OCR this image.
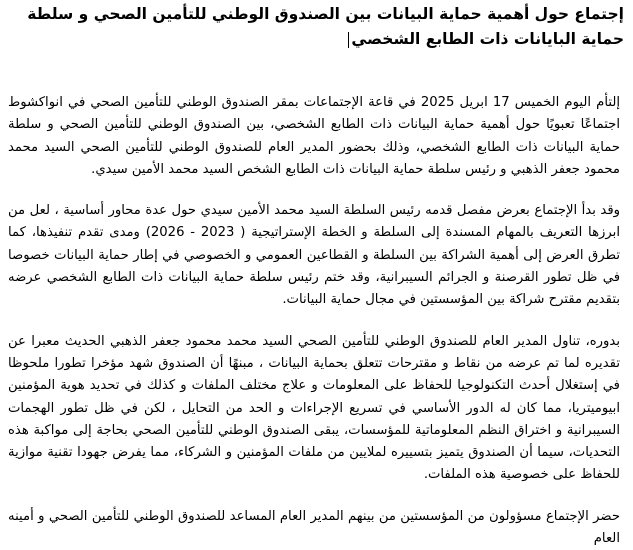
إجتماع حول أهمية حماية البيانات بين الصندوق الوطني للتأمين الصحي و سلطة حماية البايانات ذات الطابع الشخصي

إلتأم اليوم الخميس 17 ابريل 2025 في قاعة الإجتماعات بمقر الصندوق الوطني للتأمين الصحي في انواكشوط اجتماعًا تعبويًا حول أهمية حماية البيانات ذات الطابع الشخصي، بين الصندوق الوطني للتأمين الصحي و سلطة حماية البيانات ذات الطابع الشخصي، وذلك بحضور المدير العام للصندوق الوطني للتأمين الصحي السيد محمد محمود جعفر الذهبي و رئيس سلطة حماية البيانات ذات الطابع الشخص السيد محمد الأمين سيدي.

وقد بدأ الإجتماع بعرض مفصل قدمه رئيس السلطة السيد محمد الأمين سيدي حول عدة محاور أساسية ، لعل من ابرزها التعريف بالمهام المسندة إلى السلطة و الخطة الإستراتيجية ( 2023 - 2026) ومدى تقدم تنفيذها، كما تطرق العرض إلى أهمية الشراكة بين السلطة و القطاعين العمومي و الخصوصي في إطار حماية البيانات خصوصا في ظل تطور القرصنة و الجرائم السيبرانية، وقد ختم رئيس سلطة حماية البيانات ذات الطابع الشخصي عرضه بتقديم مقترح شراكة بين المؤسستين في مجال حماية البيانات.

بدوره، تناول المدير العام للصندوق الوطني للتأمين الصحي السيد محمد محمود جعفر الذهبي الحديث معبرا عن تقديره لما تم عرضه من نقاط و مقترحات تتعلق بحماية البيانات ، مبنهًا أن الصندوق شهد مؤخرا تطورا ملحوظا في إستغلال أحدث التكنولوجيا للحفاظ على المعلومات و علاج مختلف الملفات و كذلك في تحديد هوية المؤمنين ابيوميتريا، مما كان له الدور الأساسي في تسريع الإجراءات و الحد من التحايل ، لكن في ظل تطور الهجمات السيبرانية و اختراق النظم المعلوماتية للمؤسسات، يبقى الصندوق الوطني للتأمين الصحي بحاجة إلى مواكبة هذه التحديات، سيما أن الصندوق يتميز بتسييره لملايين من ملفات المؤمنين و الشركاء، مما يفرض جهودا تقنية موازية للحفاظ على خصوصية هذه الملفات.

حضر الإجتماع مسؤولون من المؤسستين من بينهم المدير العام المساعد للصندوق الوطني للتأمين الصحي و أمينه العام
